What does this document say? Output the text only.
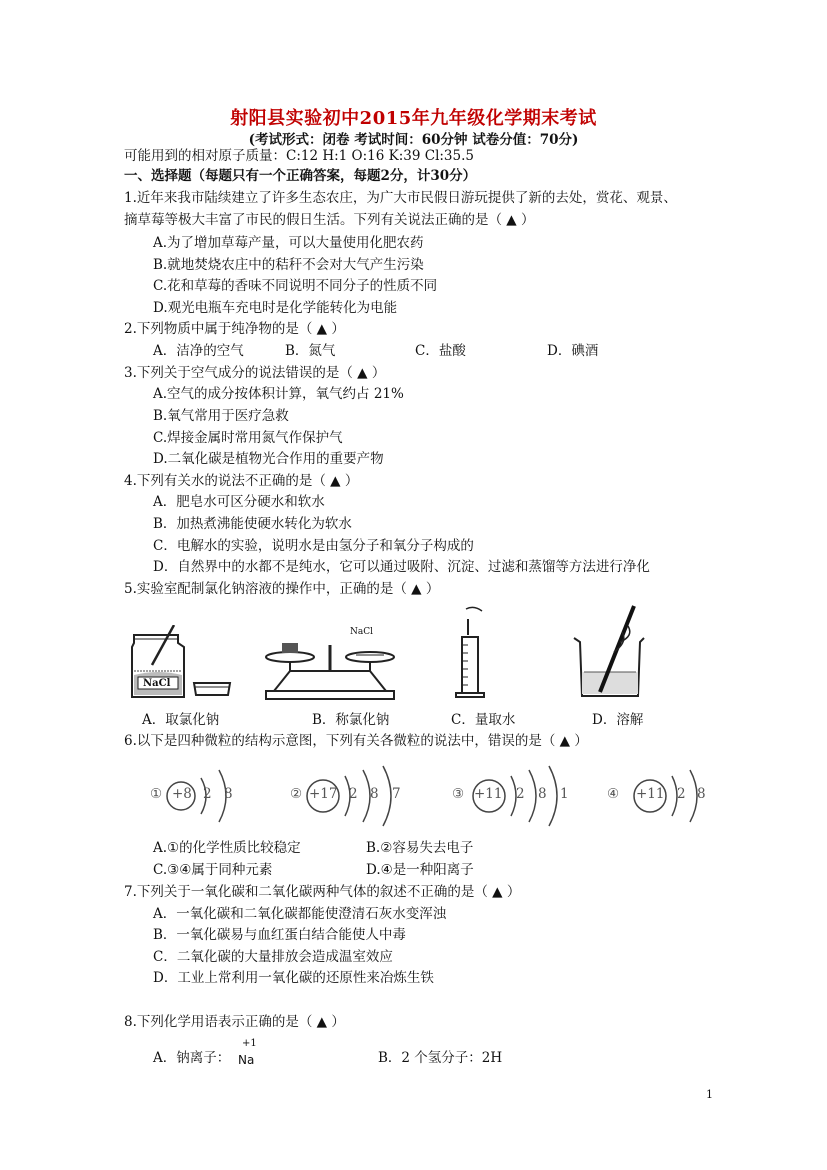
射阳县实验初中2015年九年级化学期末考试
(考试形式：闭卷 考试时间：60分钟 试卷分值：70分)
可能用到的相对原子质量：C:12 H:1 O:16 K:39 Cl:35.5
一、选择题（每题只有一个正确答案，每题2分，计30分）
1.近年来我市陆续建立了许多生态农庄，为广大市民假日游玩提供了新的去处，赏花、观景、
摘草莓等极大丰富了市民的假日生活。下列有关说法正确的是（ ▲ ）
A.为了增加草莓产量，可以大量使用化肥农药
B.就地焚烧农庄中的秸秆不会对大气产生污染
C.花和草莓的香味不同说明不同分子的性质不同
D.观光电瓶车充电时是化学能转化为电能
2.下列物质中属于纯净物的是（ ▲ ）
A．洁净的空气	B．氮气	C．盐酸	D．碘酒
3.下列关于空气成分的说法错误的是（ ▲ ）
A.空气的成分按体积计算，氧气约占 21%
B.氧气常用于医疗急救
C.焊接金属时常用氮气作保护气
D.二氧化碳是植物光合作用的重要产物
4.下列有关水的说法不正确的是（ ▲ ）
A．肥皂水可区分硬水和软水
B．加热煮沸能使硬水转化为软水
C．电解水的实验，说明水是由氢分子和氧分子构成的
D．自然界中的水都不是纯水，它可以通过吸附、沉淀、过滤和蒸馏等方法进行净化
5.实验室配制氯化钠溶液的操作中，正确的是（ ▲ ）
NaCl
NaCl
A．取氯化钠	B．称氯化钠	C．量取水	D．溶解
6.以下是四种微粒的结构示意图，下列有关各微粒的说法中，错误的是（ ▲ ）
① +8 2 8	② +17 2 8 7	③ +11 2 8 1	④ +11 2 8
A.①的化学性质比较稳定	B.②容易失去电子
C.③④属于同种元素	D.④是一种阳离子
7.下列关于一氧化碳和二氧化碳两种气体的叙述不正确的是（ ▲ ）
A．一氧化碳和二氧化碳都能使澄清石灰水变浑浊
B．一氧化碳易与血红蛋白结合能使人中毒
C．二氧化碳的大量排放会造成温室效应
D．工业上常利用一氧化碳的还原性来冶炼生铁
8.下列化学用语表示正确的是（ ▲ ）
A．钠离子：
+1
Na	B．2 个氢分子：2H
1
